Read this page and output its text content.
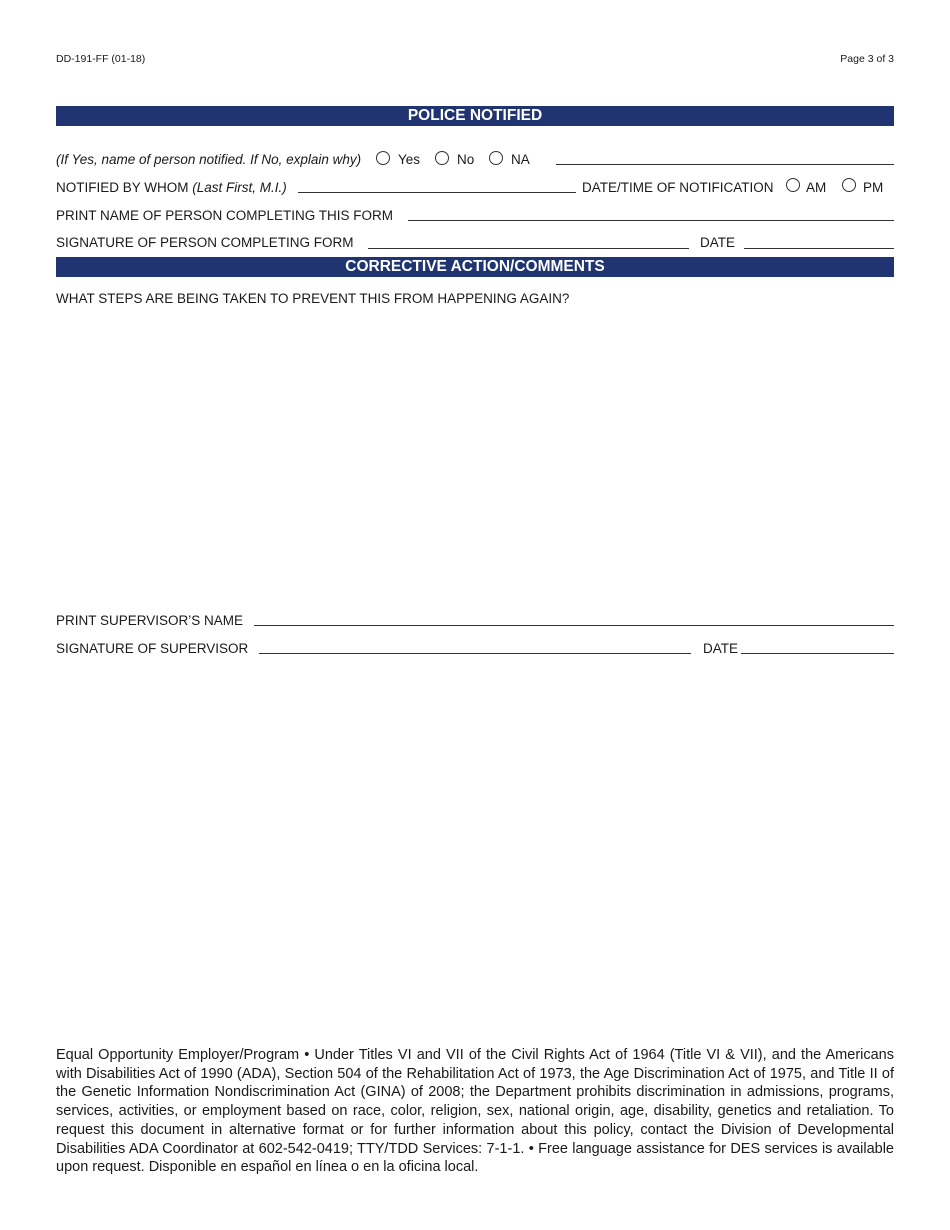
DD-191-FF (01-18)	Page 3 of 3
POLICE NOTIFIED
(If Yes, name of person notified. If No, explain why)	Yes	No	NA
NOTIFIED BY WHOM (Last First, M.I.)	DATE/TIME OF NOTIFICATION AM	PM
PRINT NAME OF PERSON COMPLETING THIS FORM
SIGNATURE OF PERSON COMPLETING FORM	DATE
CORRECTIVE ACTION/COMMENTS
WHAT STEPS ARE BEING TAKEN TO PREVENT THIS FROM HAPPENING AGAIN?
PRINT SUPERVISOR’S NAME
SIGNATURE OF SUPERVISOR	DATE
Equal Opportunity Employer/Program • Under Titles VI and VII of the Civil Rights Act of 1964 (Title VI & VII), and the Americans with Disabilities Act of 1990 (ADA), Section 504 of the Rehabilitation Act of 1973, the Age Discrimination Act of 1975, and Title II of the Genetic Information Nondiscrimination Act (GINA) of 2008; the Department prohibits discrimination in admissions, programs, services, activities, or employment based on race, color, religion, sex, national origin, age, disability, genetics and retaliation. To request this document in alternative format or for further information about this policy, contact the Division of Developmental Disabilities ADA Coordinator at 602-542-0419; TTY/TDD Services: 7-1-1. • Free language assistance for DES services is available upon request. Disponible en español en línea o en la oficina local.
